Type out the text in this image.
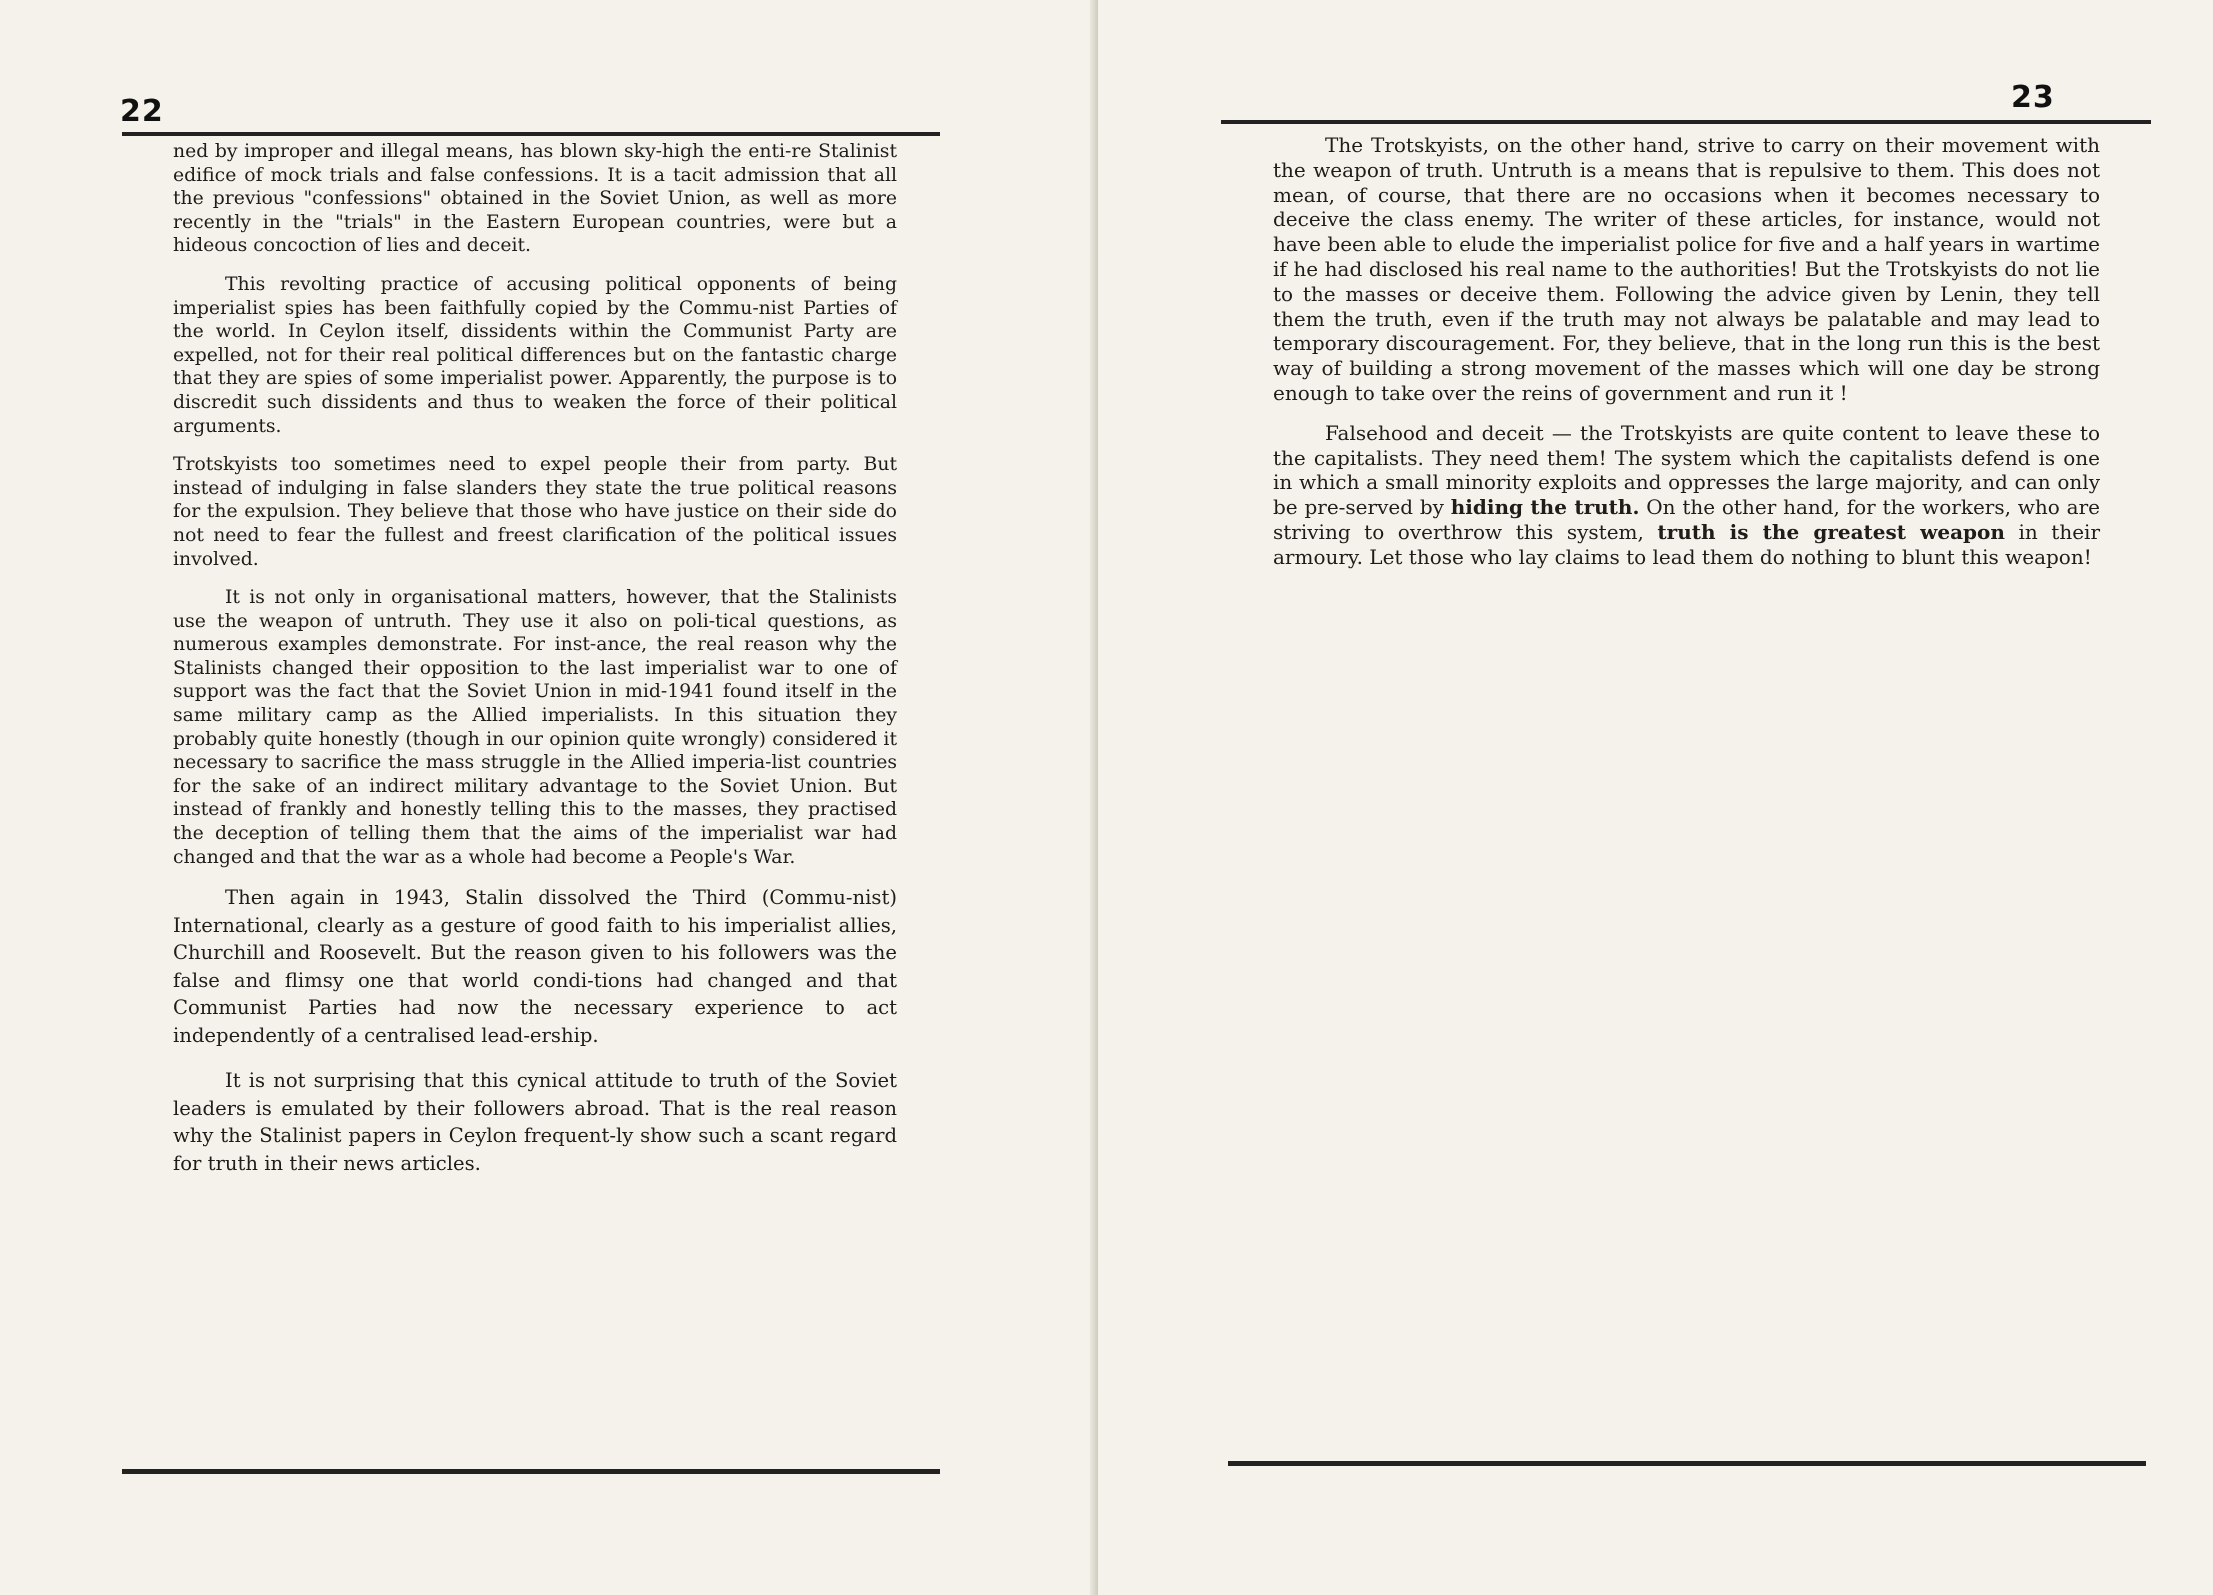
22

ned by improper and illegal means, has blown sky-high the enti-re Stalinist edifice of mock trials and false confessions. It is a tacit admission that all the previous "confessions" obtained in the Soviet Union, as well as more recently in the "trials" in the Eastern European countries, were but a hideous concoction of lies and deceit.

This revolting practice of accusing political opponents of being imperialist spies has been faithfully copied by the Commu-nist Parties of the world. In Ceylon itself, dissidents within the Communist Party are expelled, not for their real political differences but on the fantastic charge that they are spies of some imperialist power. Apparently, the purpose is to discredit such dissidents and thus to weaken the force of their political arguments.

Trotskyists too sometimes need to expel people their from party. But instead of indulging in false slanders they state the true political reasons for the expulsion. They believe that those who have justice on their side do not need to fear the fullest and freest clarification of the political issues involved.

It is not only in organisational matters, however, that the Stalinists use the weapon of untruth. They use it also on poli-tical questions, as numerous examples demonstrate. For inst-ance, the real reason why the Stalinists changed their opposition to the last imperialist war to one of support was the fact that the Soviet Union in mid-1941 found itself in the same military camp as the Allied imperialists. In this situation they probably quite honestly (though in our opinion quite wrongly) considered it necessary to sacrifice the mass struggle in the Allied imperia-list countries for the sake of an indirect military advantage to the Soviet Union. But instead of frankly and honestly telling this to the masses, they practised the deception of telling them that the aims of the imperialist war had changed and that the war as a whole had become a People's War.

Then again in 1943, Stalin dissolved the Third (Commu-nist) International, clearly as a gesture of good faith to his imperialist allies, Churchill and Roosevelt. But the reason given to his followers was the false and flimsy one that world condi-tions had changed and that Communist Parties had now the necessary experience to act independently of a centralised lead-ership.

It is not surprising that this cynical attitude to truth of the Soviet leaders is emulated by their followers abroad. That is the real reason why the Stalinist papers in Ceylon frequent-ly show such a scant regard for truth in their news articles.

23

The Trotskyists, on the other hand, strive to carry on their movement with the weapon of truth. Untruth is a means that is repulsive to them. This does not mean, of course, that there are no occasions when it becomes necessary to deceive the class enemy. The writer of these articles, for instance, would not have been able to elude the imperialist police for five and a half years in wartime if he had disclosed his real name to the authorities! But the Trotskyists do not lie to the masses or deceive them. Following the advice given by Lenin, they tell them the truth, even if the truth may not always be palatable and may lead to temporary discouragement. For, they believe, that in the long run this is the best way of building a strong movement of the masses which will one day be strong enough to take over the reins of government and run it !

Falsehood and deceit — the Trotskyists are quite content to leave these to the capitalists. They need them! The system which the capitalists defend is one in which a small minority exploits and oppresses the large majority, and can only be pre-served by hiding the truth. On the other hand, for the workers, who are striving to overthrow this system, truth is the greatest weapon in their armoury. Let those who lay claims to lead them do nothing to blunt this weapon!
